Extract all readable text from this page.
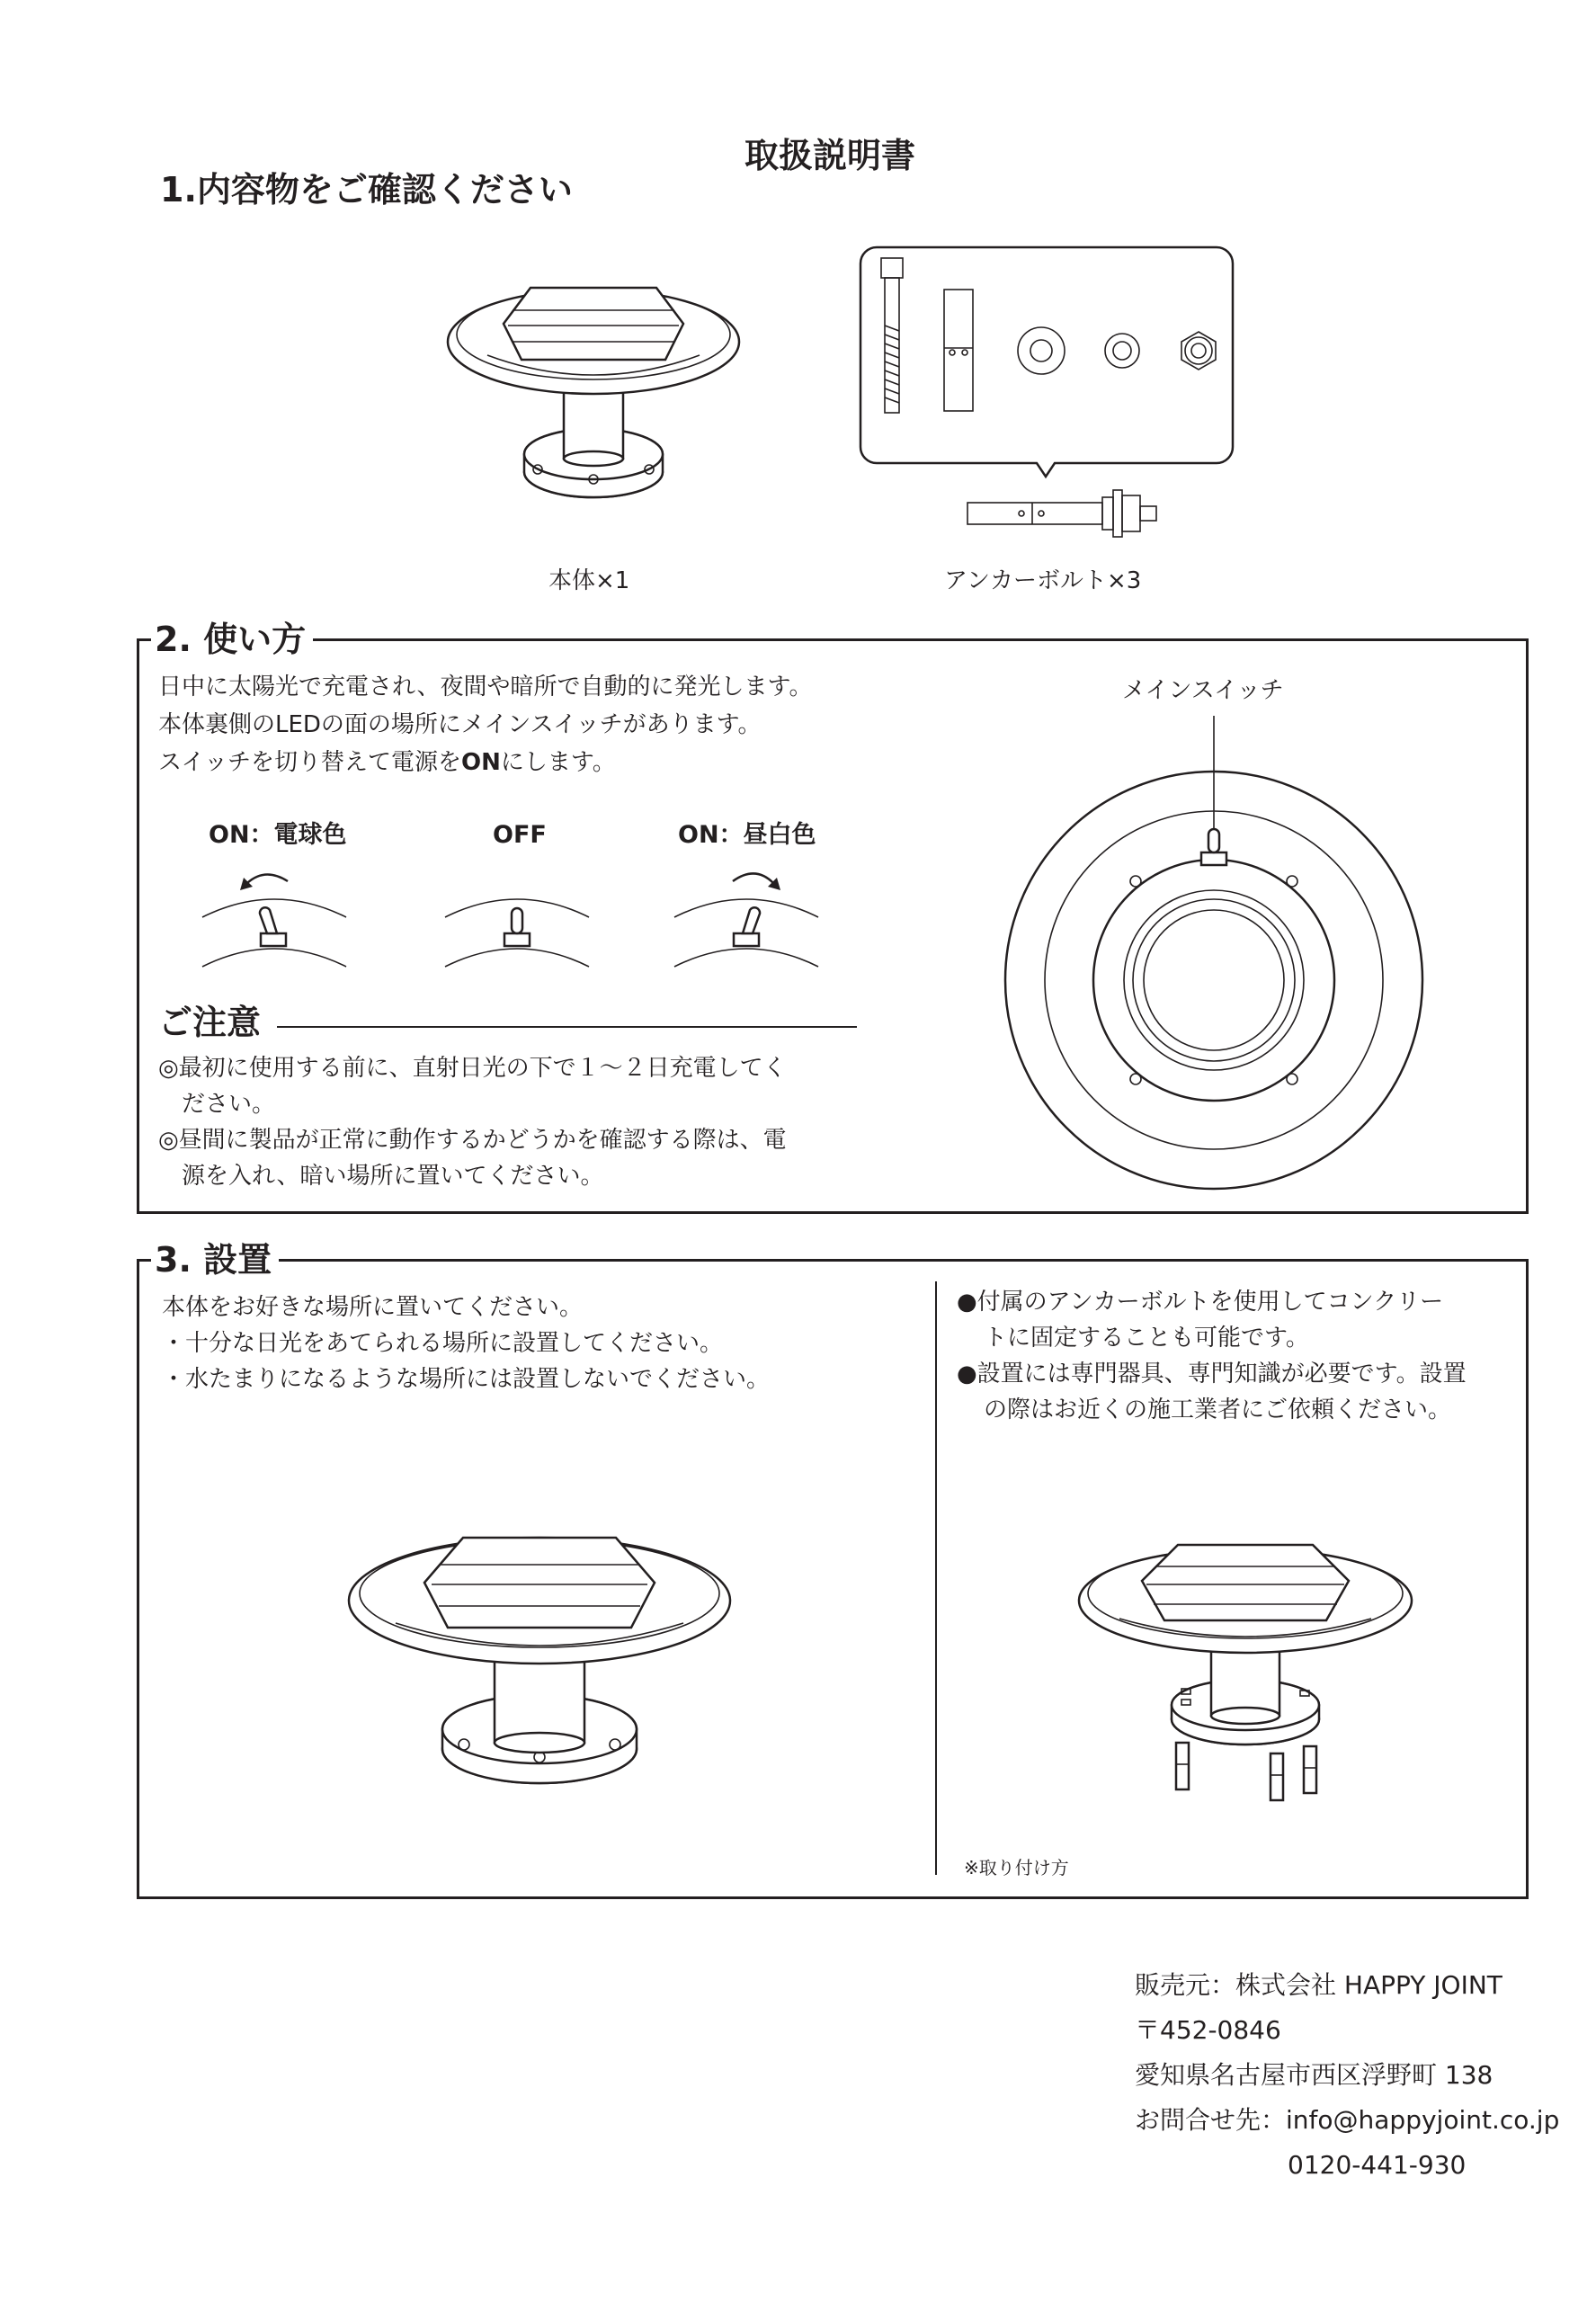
取扱説明書
1.内容物をご確認ください
本体×1	アンカーボルト×3
2. 使い方
日中に太陽光で充電され、夜間や暗所で自動的に発光します。
本体裏側のLEDの面の場所にメインスイッチがあります。
スイッチを切り替えて電源をONにします。
ON：電球色	OFF	ON：昼白色
ご注意
◎最初に使用する前に、直射日光の下で１～２日充電してく
ださい。
◎昼間に製品が正常に動作するかどうかを確認する際は、電
源を入れ、暗い場所に置いてください。
メインスイッチ
3. 設置
本体をお好きな場所に置いてください。
・十分な日光をあてられる場所に設置してください。
・水たまりになるような場所には設置しないでください。
●付属のアンカーボルトを使用してコンクリー
トに固定することも可能です。
●設置には専門器具、専門知識が必要です。設置
の際はお近くの施工業者にご依頼ください。
※取り付け方
販売元：株式会社 HAPPY JOINT
〒452-0846
愛知県名古屋市西区浮野町 138
お問合せ先：info@happyjoint.co.jp
0120-441-930
